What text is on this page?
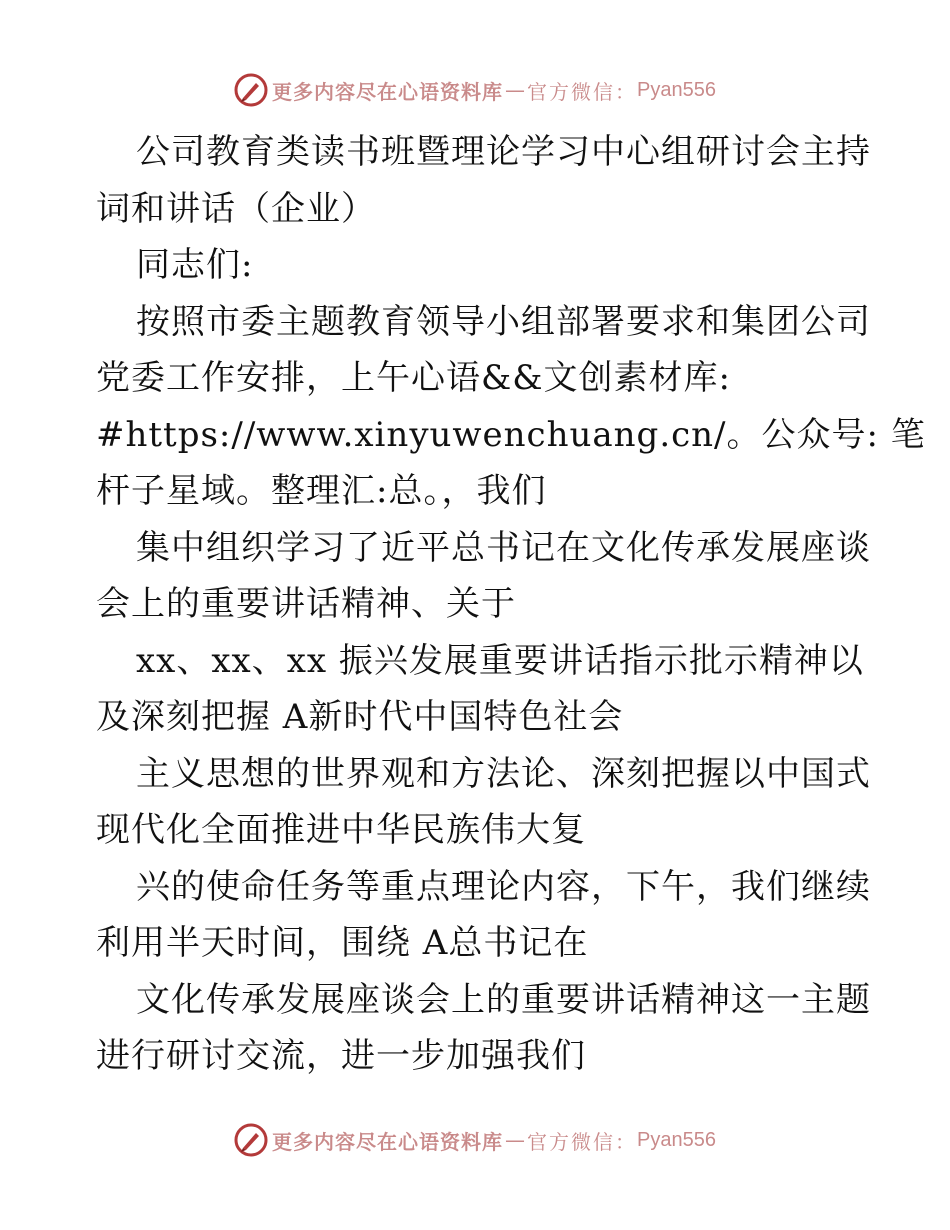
更多内容尽在心语资料库 — 官方微信： Pyan556
公司教育类读书班暨理论学习中心组研讨会主持
词和讲话（企业）
同志们:
按照市委主题教育领导小组部署要求和集团公司
党委工作安排，上午心语&&文创素材库:
#https://www.xinyuwenchuang.cn/。公众号: 笔
杆子星域。整理汇:总。，我们
集中组织学习了近平总书记在文化传承发展座谈
会上的重要讲话精神、关于
xx、xx、xx 振兴发展重要讲话指示批示精神以
及深刻把握 A新时代中国特色社会
主义思想的世界观和方法论、深刻把握以中国式
现代化全面推进中华民族伟大复
兴的使命任务等重点理论内容，下午，我们继续
利用半天时间，围绕 A总书记在
文化传承发展座谈会上的重要讲话精神这一主题
进行研讨交流，进一步加强我们
更多内容尽在心语资料库 — 官方微信： Pyan556
